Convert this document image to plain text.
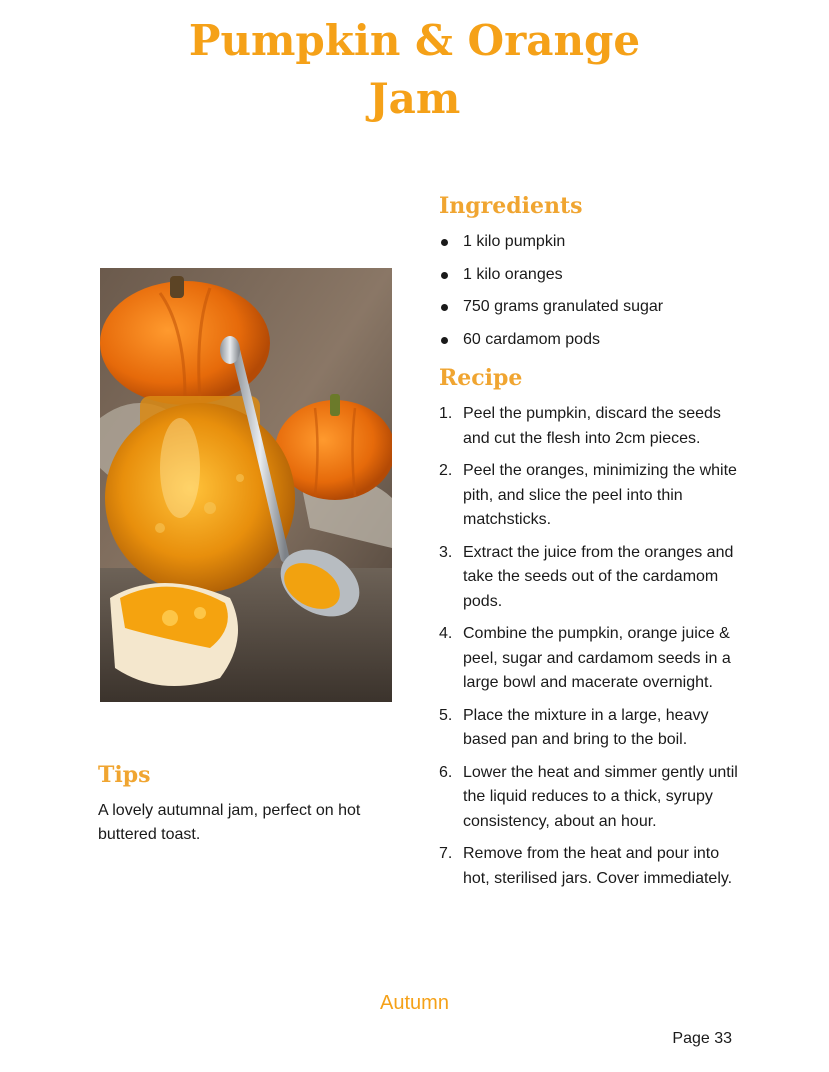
Pumpkin & Orange
Jam
Ingredients
1 kilo pumpkin
1 kilo oranges
750 grams granulated sugar
60 cardamom pods
Recipe
1. Peel the pumpkin, discard the seeds and cut the flesh into 2cm pieces.
2. Peel the oranges, minimizing the white pith, and slice the peel into thin matchsticks.
3. Extract the juice from the oranges and take the seeds out of the cardamom pods.
4. Combine the pumpkin, orange juice & peel, sugar and cardamom seeds in a large bowl and macerate overnight.
5. Place the mixture in a large, heavy based pan and bring to the boil.
6. Lower the heat and simmer gently until the liquid reduces to a thick, syrupy consistency, about an hour.
7. Remove from the heat and pour into hot, sterilised jars. Cover immediately.
Tips

A lovely autumnal jam, perfect on hot buttered toast.

Autumn
Page 33
